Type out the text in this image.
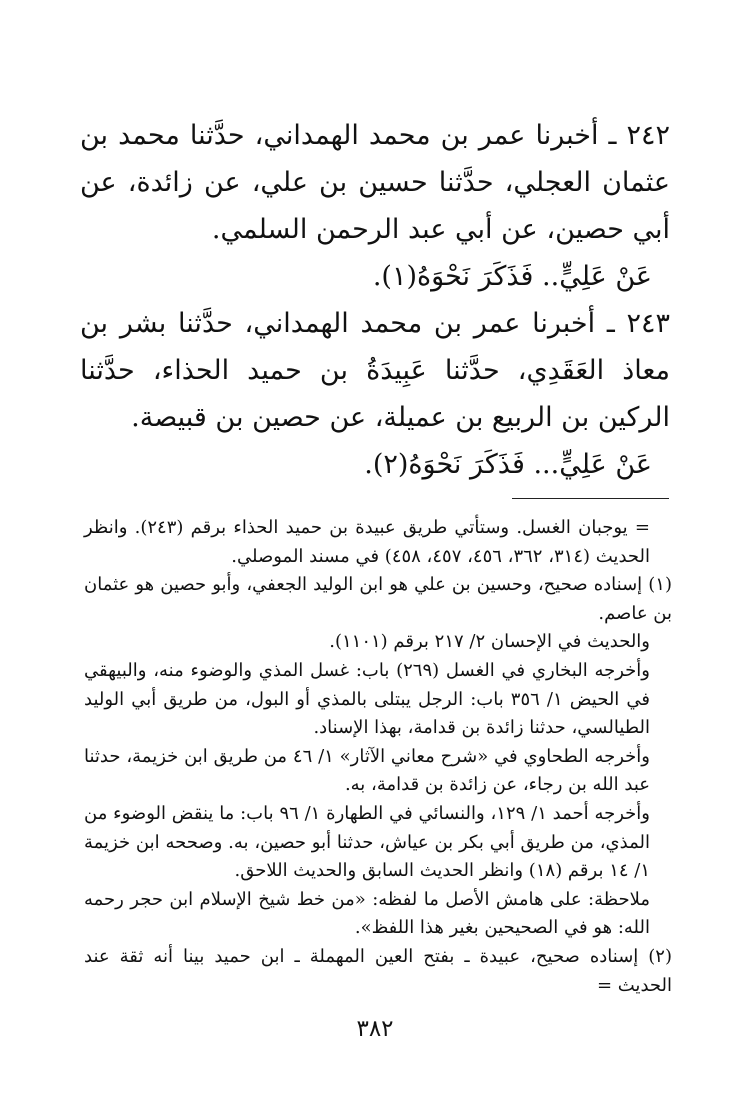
٢٤٢ ـ أخبرنا عمر بن محمد الهمداني، حدَّثنا محمد بن عثمان العجلي، حدَّثنا حسين بن علي، عن زائدة، عن أبي حصين، عن أبي عبد الرحمن السلمي.

عَنْ عَلِيٍّ.. فَذَكَرَ نَحْوَهُ(١).

٢٤٣ ـ أخبرنا عمر بن محمد الهمداني، حدَّثنا بشر بن معاذ العَقَدِي، حدَّثنا عَبِيدَةُ بن حميد الحذاء، حدَّثنا الركين بن الربيع بن عميلة، عن حصين بن قبيصة.

عَنْ عَلِيٍّ... فَذَكَرَ نَحْوَهُ(٢).

= يوجبان الغسل. وستأتي طريق عبيدة بن حميد الحذاء برقم (٢٤٣). وانظر الحديث (٣١٤، ٣٦٢، ٤٥٦، ٤٥٧، ٤٥٨) في مسند الموصلي.

(١) إسناده صحيح، وحسين بن علي هو ابن الوليد الجعفي، وأبو حصين هو عثمان بن عاصم.

والحديث في الإحسان ٢/ ٢١٧ برقم (١١٠١).

وأخرجه البخاري في الغسل (٢٦٩) باب: غسل المذي والوضوء منه، والبيهقي في الحيض ١/ ٣٥٦ باب: الرجل يبتلى بالمذي أو البول، من طريق أبي الوليد الطيالسي، حدثنا زائدة بن قدامة، بهذا الإسناد.

وأخرجه الطحاوي في «شرح معاني الآثار» ١/ ٤٦ من طريق ابن خزيمة، حدثنا عبد الله بن رجاء، عن زائدة بن قدامة، به.

وأخرجه أحمد ١/ ١٢٩، والنسائي في الطهارة ١/ ٩٦ باب: ما ينقض الوضوء من المذي، من طريق أبي بكر بن عياش، حدثنا أبو حصين، به. وصححه ابن خزيمة ١/ ١٤ برقم (١٨) وانظر الحديث السابق والحديث اللاحق.

ملاحظة: على هامش الأصل ما لفظه: «من خط شيخ الإسلام ابن حجر رحمه الله: هو في الصحيحين بغير هذا اللفظ».

(٢) إسناده صحيح، عبيدة ـ بفتح العين المهملة ـ ابن حميد بينا أنه ثقة عند الحديث =

٣٨٢
